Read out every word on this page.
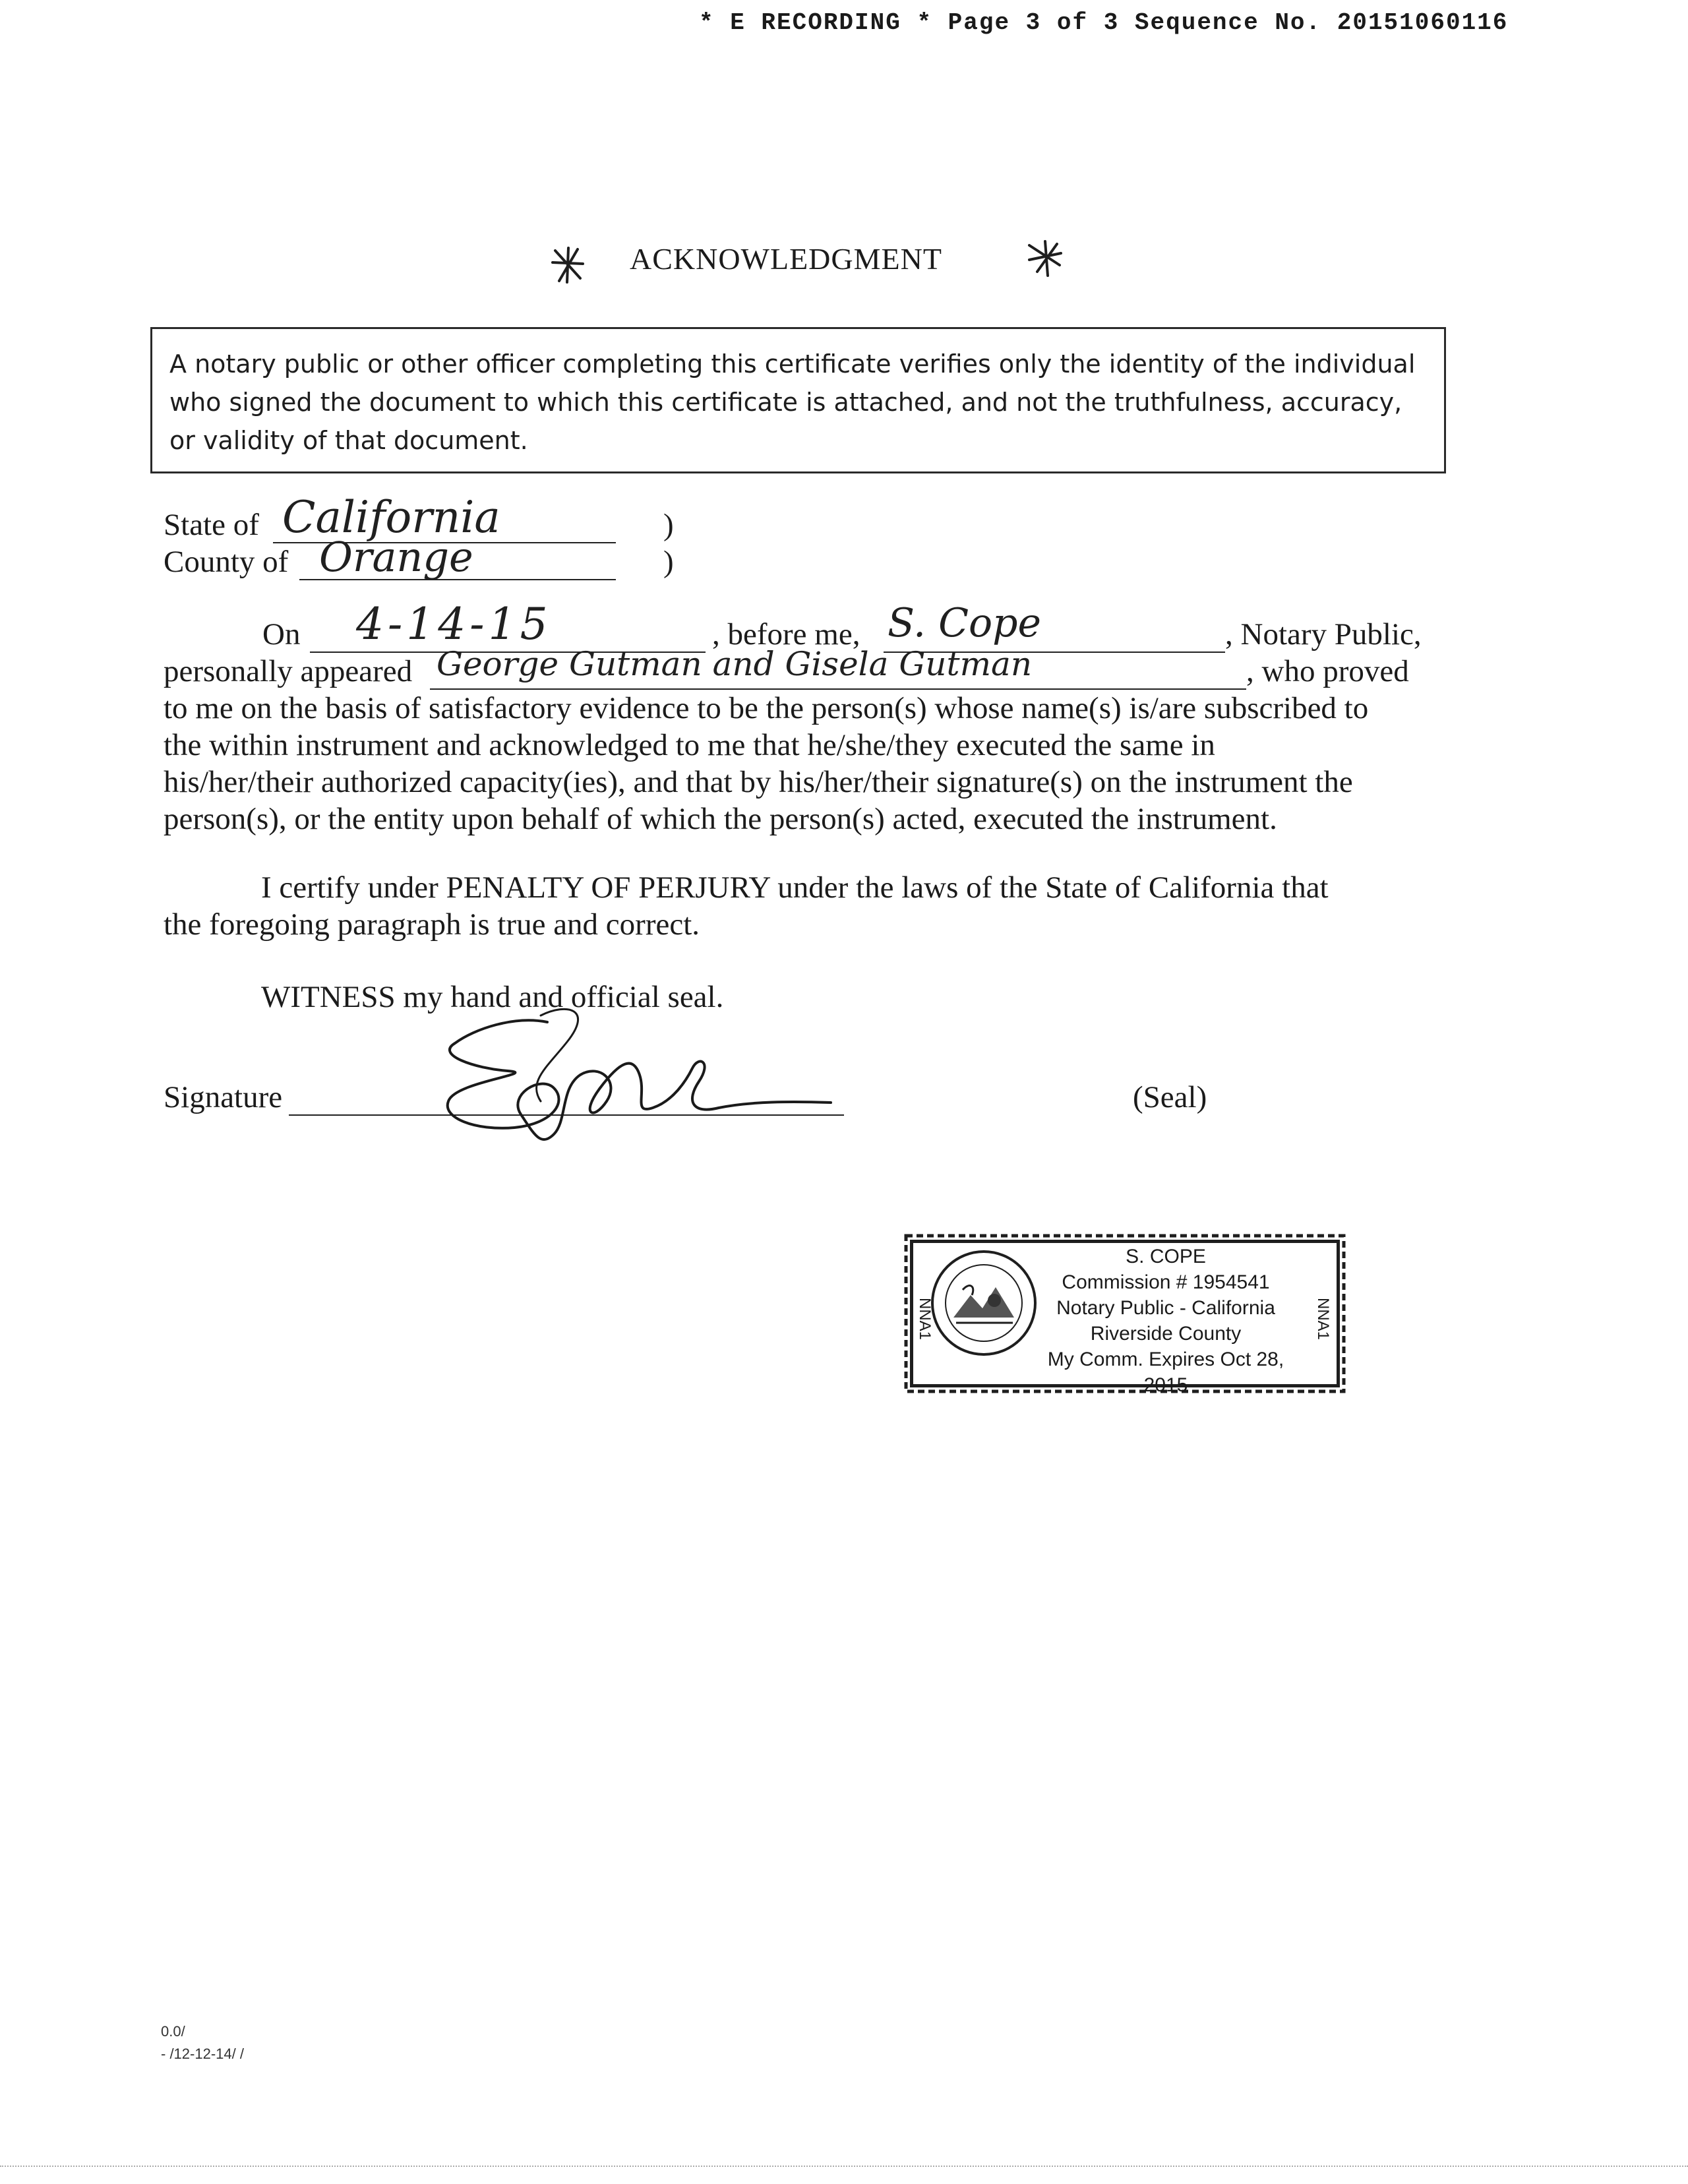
* E RECORDING * Page 3 of 3 Sequence No. 20151060116
ACKNOWLEDGMENT
A notary public or other officer completing this certificate verifies only the identity of the individual
who signed the document to which this certificate is attached, and not the truthfulness, accuracy,
or validity of that document.
State of California	)
County of Orange	)
On 4-14-15	, before me, S. Cope	, Notary Public,
personally appeared George Gutman and Gisela Gutman	, who proved

to me on the basis of satisfactory evidence to be the person(s) whose name(s) is/are subscribed to

the within instrument and acknowledged to me that he/she/they executed the same in

his/her/their authorized capacity(ies), and that by his/her/their signature(s) on the instrument the

person(s), or the entity upon behalf of which the person(s) acted, executed the instrument.

I certify under PENALTY OF PERJURY under the laws of the State of California that

the foregoing paragraph is true and correct.

WITNESS my hand and official seal.
Signature	(Seal)
NNA1	NNA1
S. COPE
Commission # 1954541
Notary Public - California
Riverside County
My Comm. Expires Oct 28, 2015
0.0/
- /12-12-14/ /
